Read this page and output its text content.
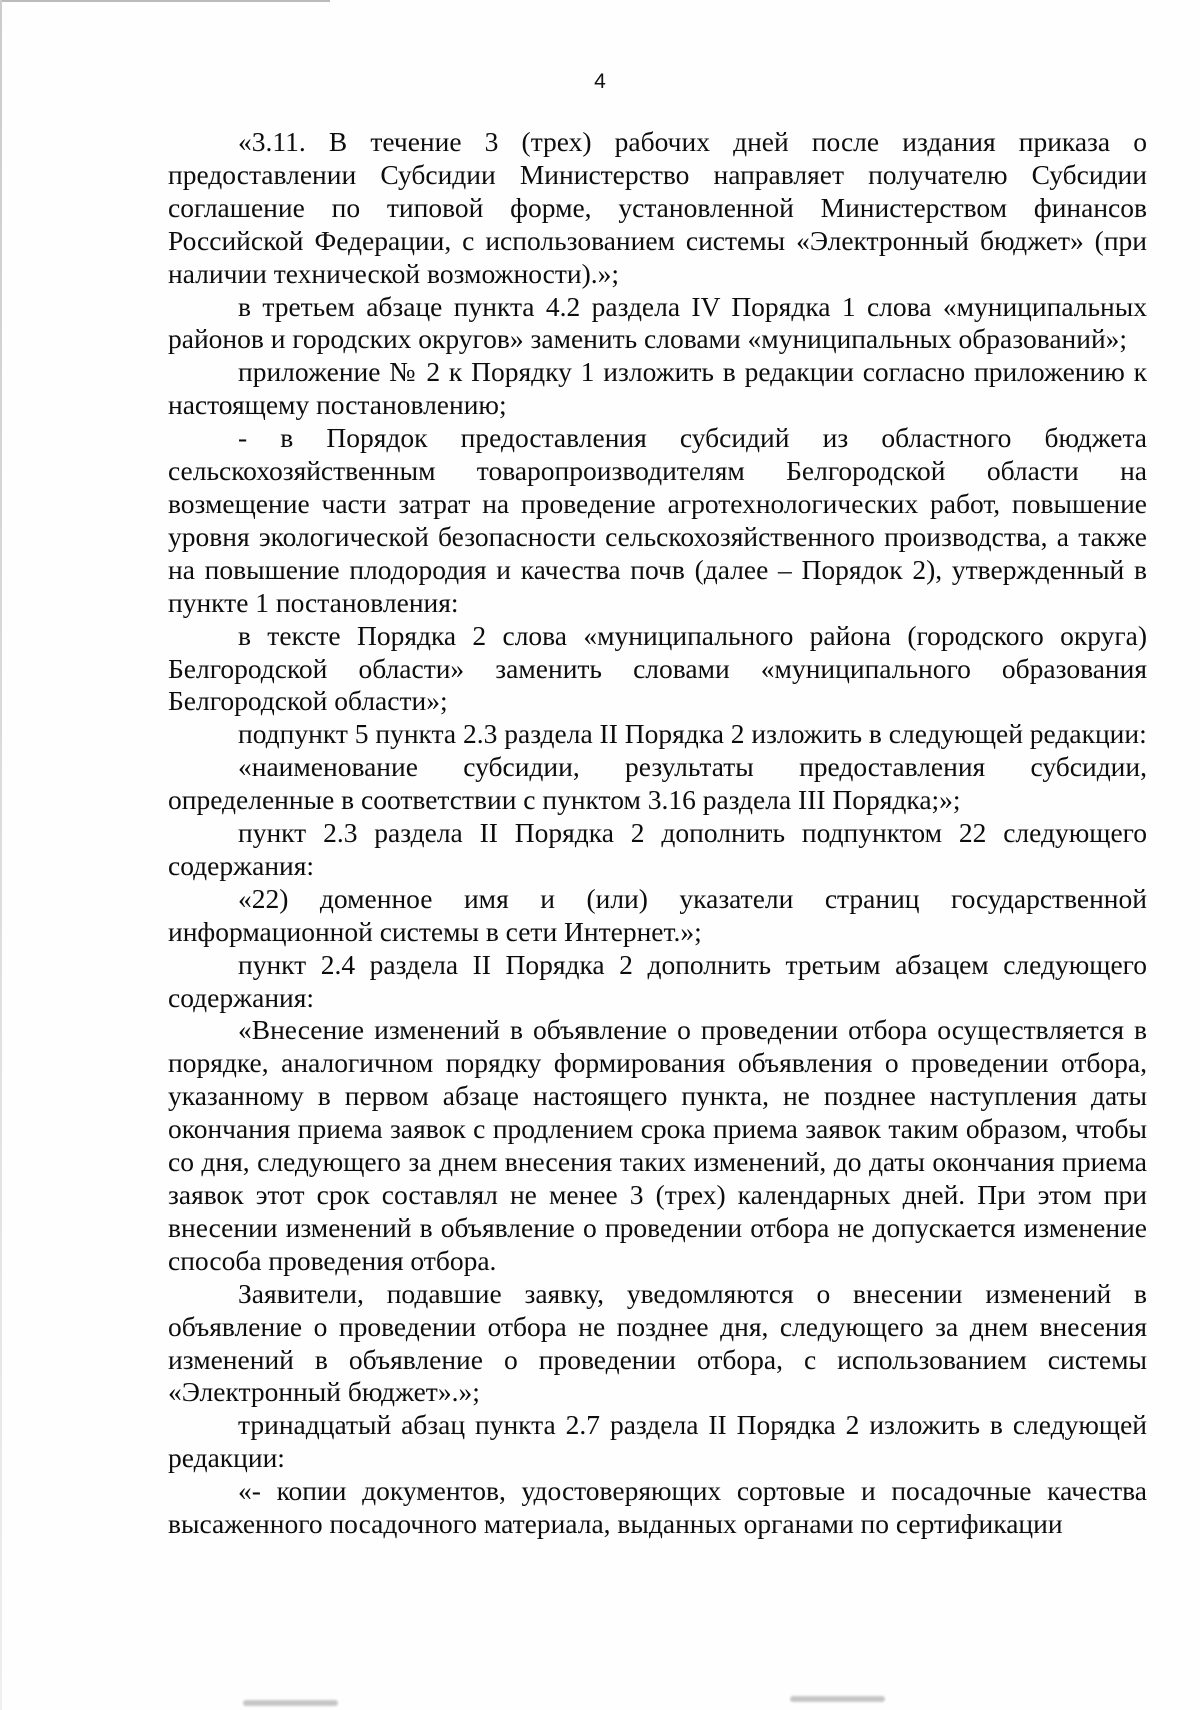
4

«3.11. В течение 3 (трех) рабочих дней после издания приказа о предоставлении Субсидии Министерство направляет получателю Субсидии соглашение по типовой форме, установленной Министерством финансов Российской Федерации, с использованием системы «Электронный бюджет» (при наличии технической возможности).»;

в третьем абзаце пункта 4.2 раздела IV Порядка 1 слова «муниципальных районов и городских округов» заменить словами «муниципальных образований»;

приложение № 2 к Порядку 1 изложить в редакции согласно приложению к настоящему постановлению;

- в Порядок предоставления субсидий из областного бюджета сельскохозяйственным товаропроизводителям Белгородской области на возмещение части затрат на проведение агротехнологических работ, повышение уровня экологической безопасности сельскохозяйственного производства, а также на повышение плодородия и качества почв (далее – Порядок 2), утвержденный в пункте 1 постановления:

в тексте Порядка 2 слова «муниципального района (городского округа) Белгородской области» заменить словами «муниципального образования Белгородской области»;

подпункт 5 пункта 2.3 раздела II Порядка 2 изложить в следующей редакции:

«наименование субсидии, результаты предоставления субсидии, определенные в соответствии с пунктом 3.16 раздела III Порядка;»;

пункт 2.3 раздела II Порядка 2 дополнить подпунктом 22 следующего содержания:

«22) доменное имя и (или) указатели страниц государственной информационной системы в сети Интернет.»;

пункт 2.4 раздела II Порядка 2 дополнить третьим абзацем следующего содержания:

«Внесение изменений в объявление о проведении отбора осуществляется в порядке, аналогичном порядку формирования объявления о проведении отбора, указанному в первом абзаце настоящего пункта, не позднее наступления даты окончания приема заявок с продлением срока приема заявок таким образом, чтобы со дня, следующего за днем внесения таких изменений, до даты окончания приема заявок этот срок составлял не менее 3 (трех) календарных дней. При этом при внесении изменений в объявление о проведении отбора не допускается изменение способа проведения отбора.

Заявители, подавшие заявку, уведомляются о внесении изменений в объявление о проведении отбора не позднее дня, следующего за днем внесения изменений в объявление о проведении отбора, с использованием системы «Электронный бюджет».»;

тринадцатый абзац пункта 2.7 раздела II Порядка 2 изложить в следующей редакции:

«- копии документов, удостоверяющих сортовые и посадочные качества высаженного посадочного материала, выданных органами по сертификации
